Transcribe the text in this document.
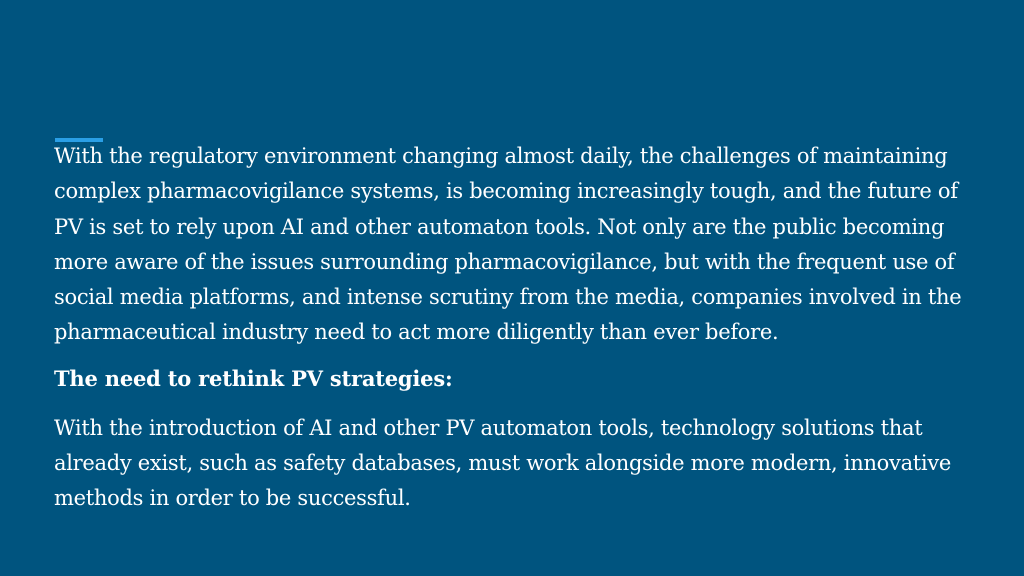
With the regulatory environment changing almost daily, the challenges of maintaining complex pharmacovigilance systems, is becoming increasingly tough, and the future of PV is set to rely upon AI and other automaton tools. Not only are the public becoming more aware of the issues surrounding pharmacovigilance, but with the frequent use of social media platforms, and intense scrutiny from the media, companies involved in the pharmaceutical industry need to act more diligently than ever before.

The need to rethink PV strategies:

With the introduction of AI and other PV automaton tools, technology solutions that already exist, such as safety databases, must work alongside more modern, innovative methods in order to be successful.
